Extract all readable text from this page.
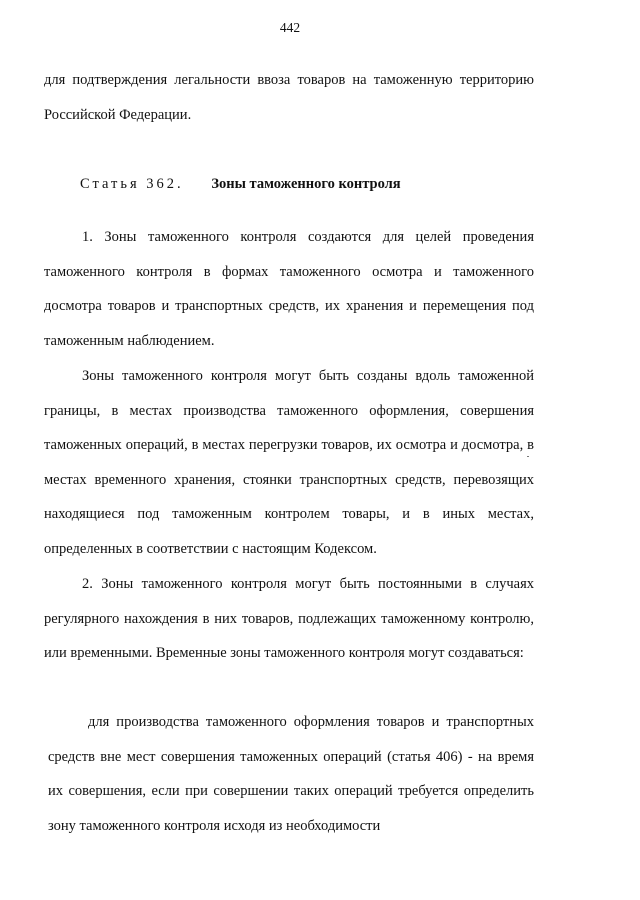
442
для подтверждения легальности ввоза товаров на таможенную территорию Российской Федерации.
Статья 362. Зоны таможенного контроля
1. Зоны таможенного контроля создаются для целей проведения таможенного контроля в формах таможенного осмотра и таможенного досмотра товаров и транспортных средств, их хранения и перемещения под таможенным наблюдением.
Зоны таможенного контроля могут быть созданы вдоль таможенной границы, в местах производства таможенного оформления, совершения таможенных операций, в местах перегрузки товаров, их осмотра и досмотра, в местах временного хранения, стоянки транспортных средств, перевозящих находящиеся под таможенным контролем товары, и в иных местах, определенных в соответствии с настоящим Кодексом.
2. Зоны таможенного контроля могут быть постоянными в случаях регулярного нахождения в них товаров, подлежащих таможенному контролю, или временными. Временные зоны таможенного контроля могут создаваться:
для производства таможенного оформления товаров и транспортных средств вне мест совершения таможенных операций (статья 406) - на время их совершения, если при совершении таких операций требуется определить зону таможенного контроля исходя из необходимости
